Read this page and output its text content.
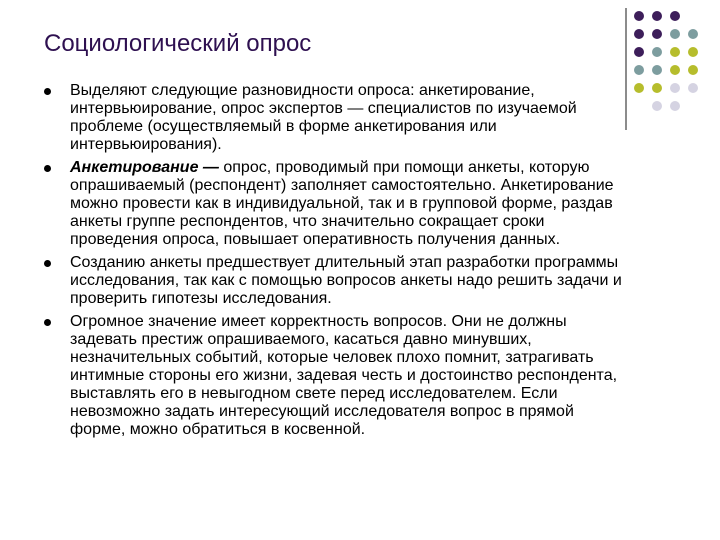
Социологический опрос
Выделяют следующие разновидности опроса: анкетирование, интервьюирование, опрос экспертов — специалистов по изучаемой проблеме (осуществляемый в форме анкетирования или интервьюирования).
Анкетирование — опрос, проводимый при помощи анкеты, которую опрашиваемый (респондент) заполняет самостоятельно. Анкетирование можно провести как в индивидуальной, так и в групповой форме, раздав анкеты группе респондентов, что значительно сокращает сроки проведения опроса, повышает оперативность получения данных.
Созданию анкеты предшествует длительный этап разработки программы исследования, так как с помощью вопросов анкеты надо решить задачи и проверить гипотезы исследования.
Огромное значение имеет корректность вопросов. Они не должны задевать престиж опрашиваемого, касаться давно минувших, незначительных событий, которые человек плохо помнит, затрагивать интимные стороны его жизни, задевая честь и достоинство респондента, выставлять его в невыгодном свете перед исследователем. Если невозможно задать интересующий исследователя вопрос в прямой форме, можно обратиться в косвенной.
